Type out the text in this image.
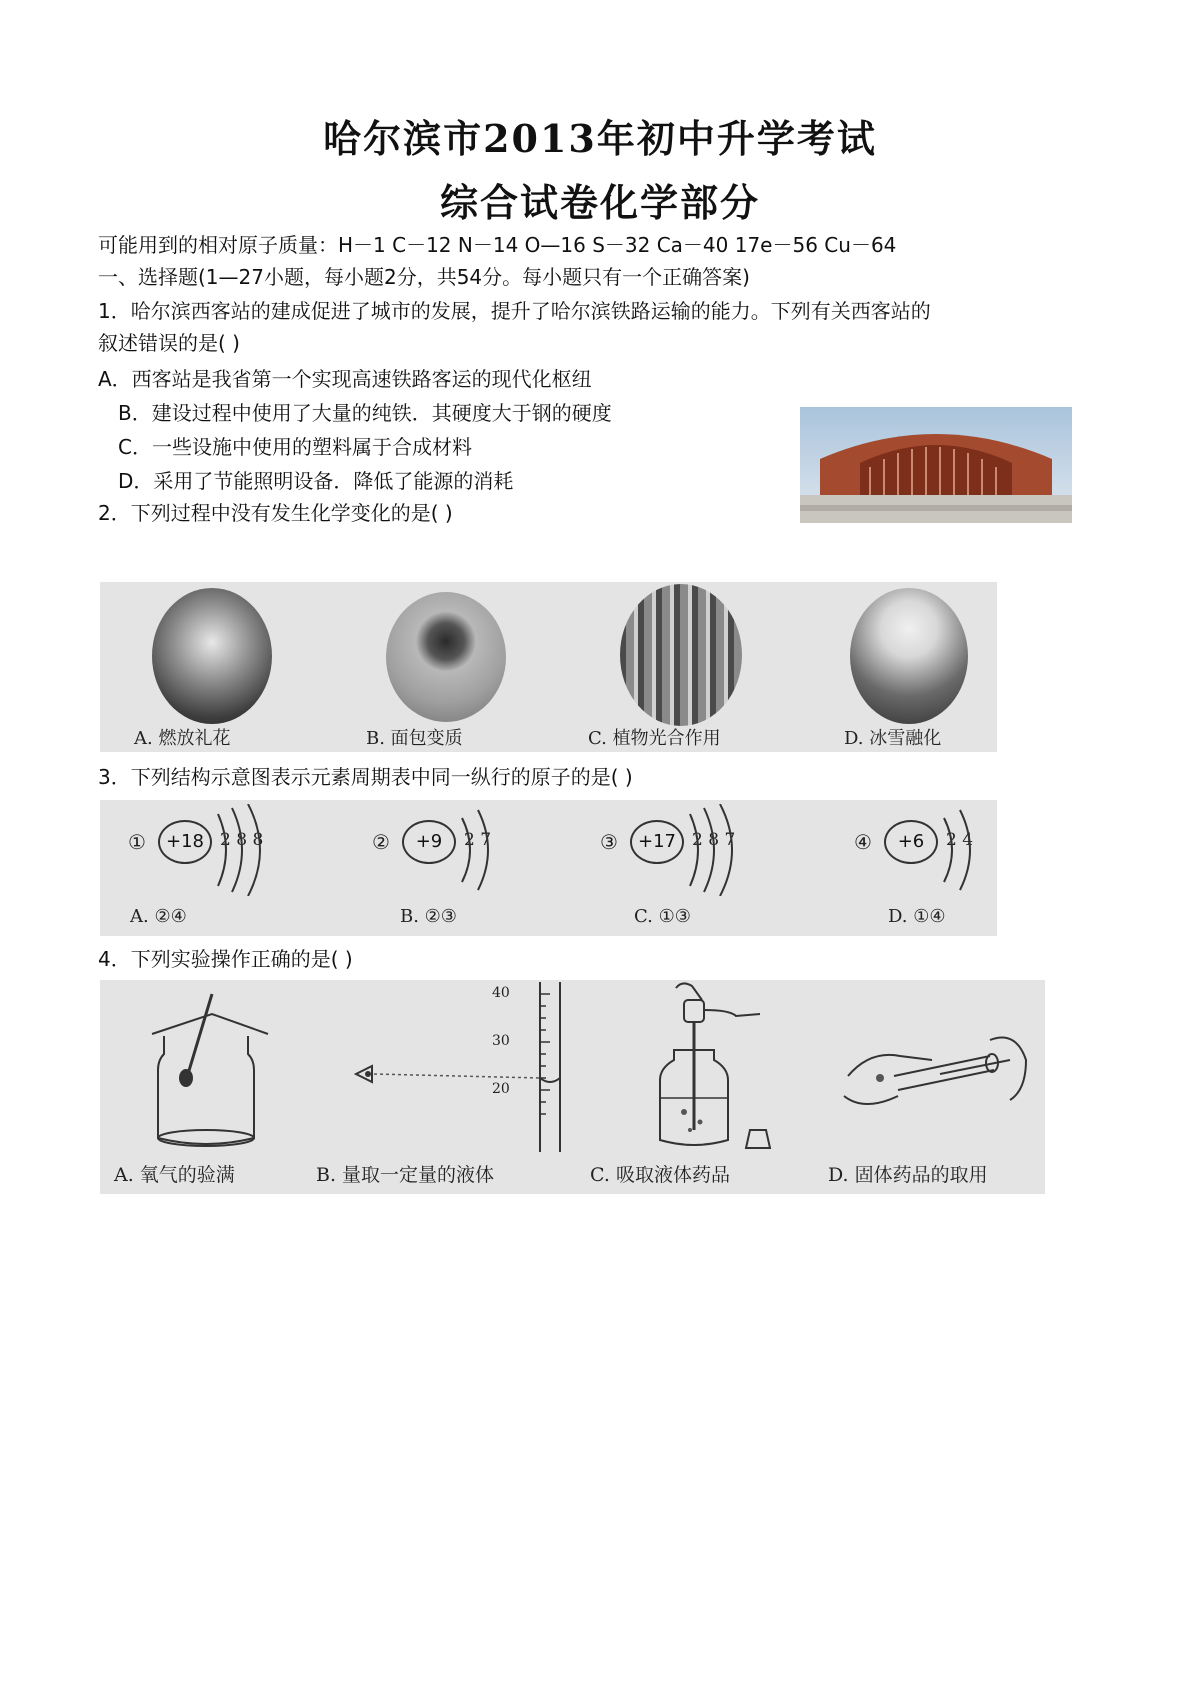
哈尔滨市2013年初中升学考试
综合试卷化学部分
可能用到的相对原子质量：H－1 C－12 N－14 O—16 S－32 Ca－40 17e－56 Cu－64
一、选择题(1—27小题，每小题2分，共54分。每小题只有一个正确答案)
1．哈尔滨西客站的建成促进了城市的发展，提升了哈尔滨铁路运输的能力。下列有关西客站的
叙述错误的是( )
A．西客站是我省第一个实现高速铁路客运的现代化枢纽
B．建设过程中使用了大量的纯铁．其硬度大于钢的硬度
C．一些设施中使用的塑料属于合成材料
D．采用了节能照明设备．降低了能源的消耗
2．下列过程中没有发生化学变化的是( )
A. 燃放礼花	B. 面包变质	C. 植物光合作用	D. 冰雪融化
3．下列结构示意图表示元素周期表中同一纵行的原子的是( )
①	+18 2 8 8	②	+9	2 7	③	+17 2 8 7	④	+6	2 4
A. ②④	B. ②③	C. ①③	D. ①④
4．下列实验操作正确的是( )
40
30
20
A. 氧气的验满	B. 量取一定量的液体	C. 吸取液体药品	D. 固体药品的取用
